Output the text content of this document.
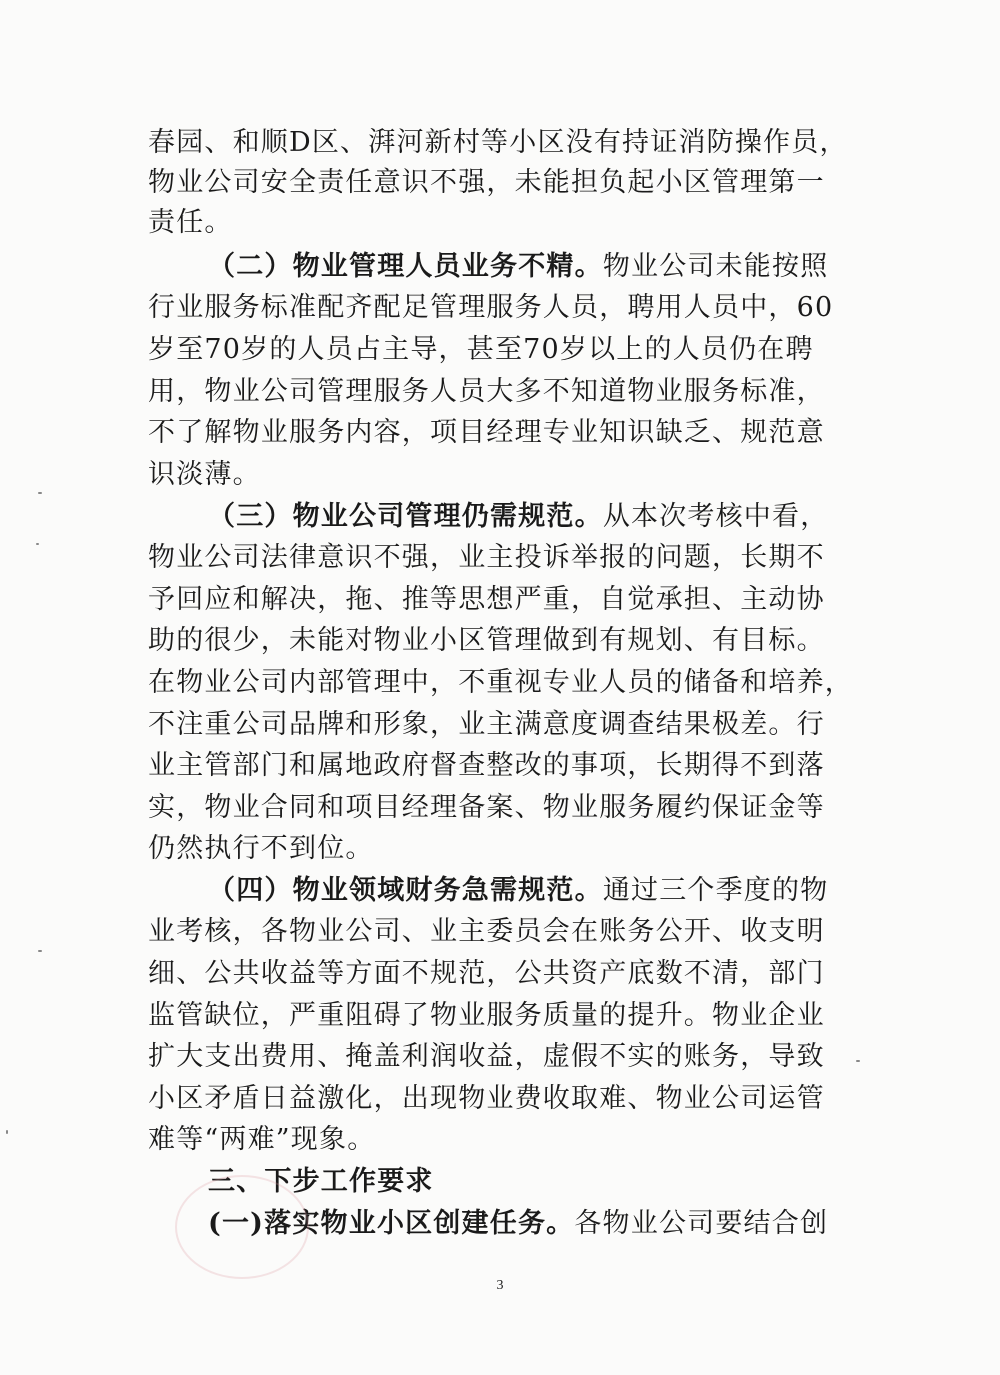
春园、和顺D区、湃河新村等小区没有持证消防操作员，
物业公司安全责任意识不强，未能担负起小区管理第一
责任。
（二）物业管理人员业务不精。物业公司未能按照
行业服务标准配齐配足管理服务人员，聘用人员中，60
岁至70岁的人员占主导，甚至70岁以上的人员仍在聘
用，物业公司管理服务人员大多不知道物业服务标准，
不了解物业服务内容，项目经理专业知识缺乏、规范意
识淡薄。
（三）物业公司管理仍需规范。从本次考核中看，
物业公司法律意识不强，业主投诉举报的问题，长期不
予回应和解决，拖、推等思想严重，自觉承担、主动协
助的很少，未能对物业小区管理做到有规划、有目标。
在物业公司内部管理中，不重视专业人员的储备和培养，
不注重公司品牌和形象，业主满意度调查结果极差。行
业主管部门和属地政府督查整改的事项，长期得不到落
实，物业合同和项目经理备案、物业服务履约保证金等
仍然执行不到位。
（四）物业领域财务急需规范。通过三个季度的物
业考核，各物业公司、业主委员会在账务公开、收支明
细、公共收益等方面不规范，公共资产底数不清，部门
监管缺位，严重阻碍了物业服务质量的提升。物业企业
扩大支出费用、掩盖利润收益，虚假不实的账务，导致
小区矛盾日益激化，出现物业费收取难、物业公司运管
难等“两难”现象。
三、下步工作要求
(一)落实物业小区创建任务。各物业公司要结合创
3
